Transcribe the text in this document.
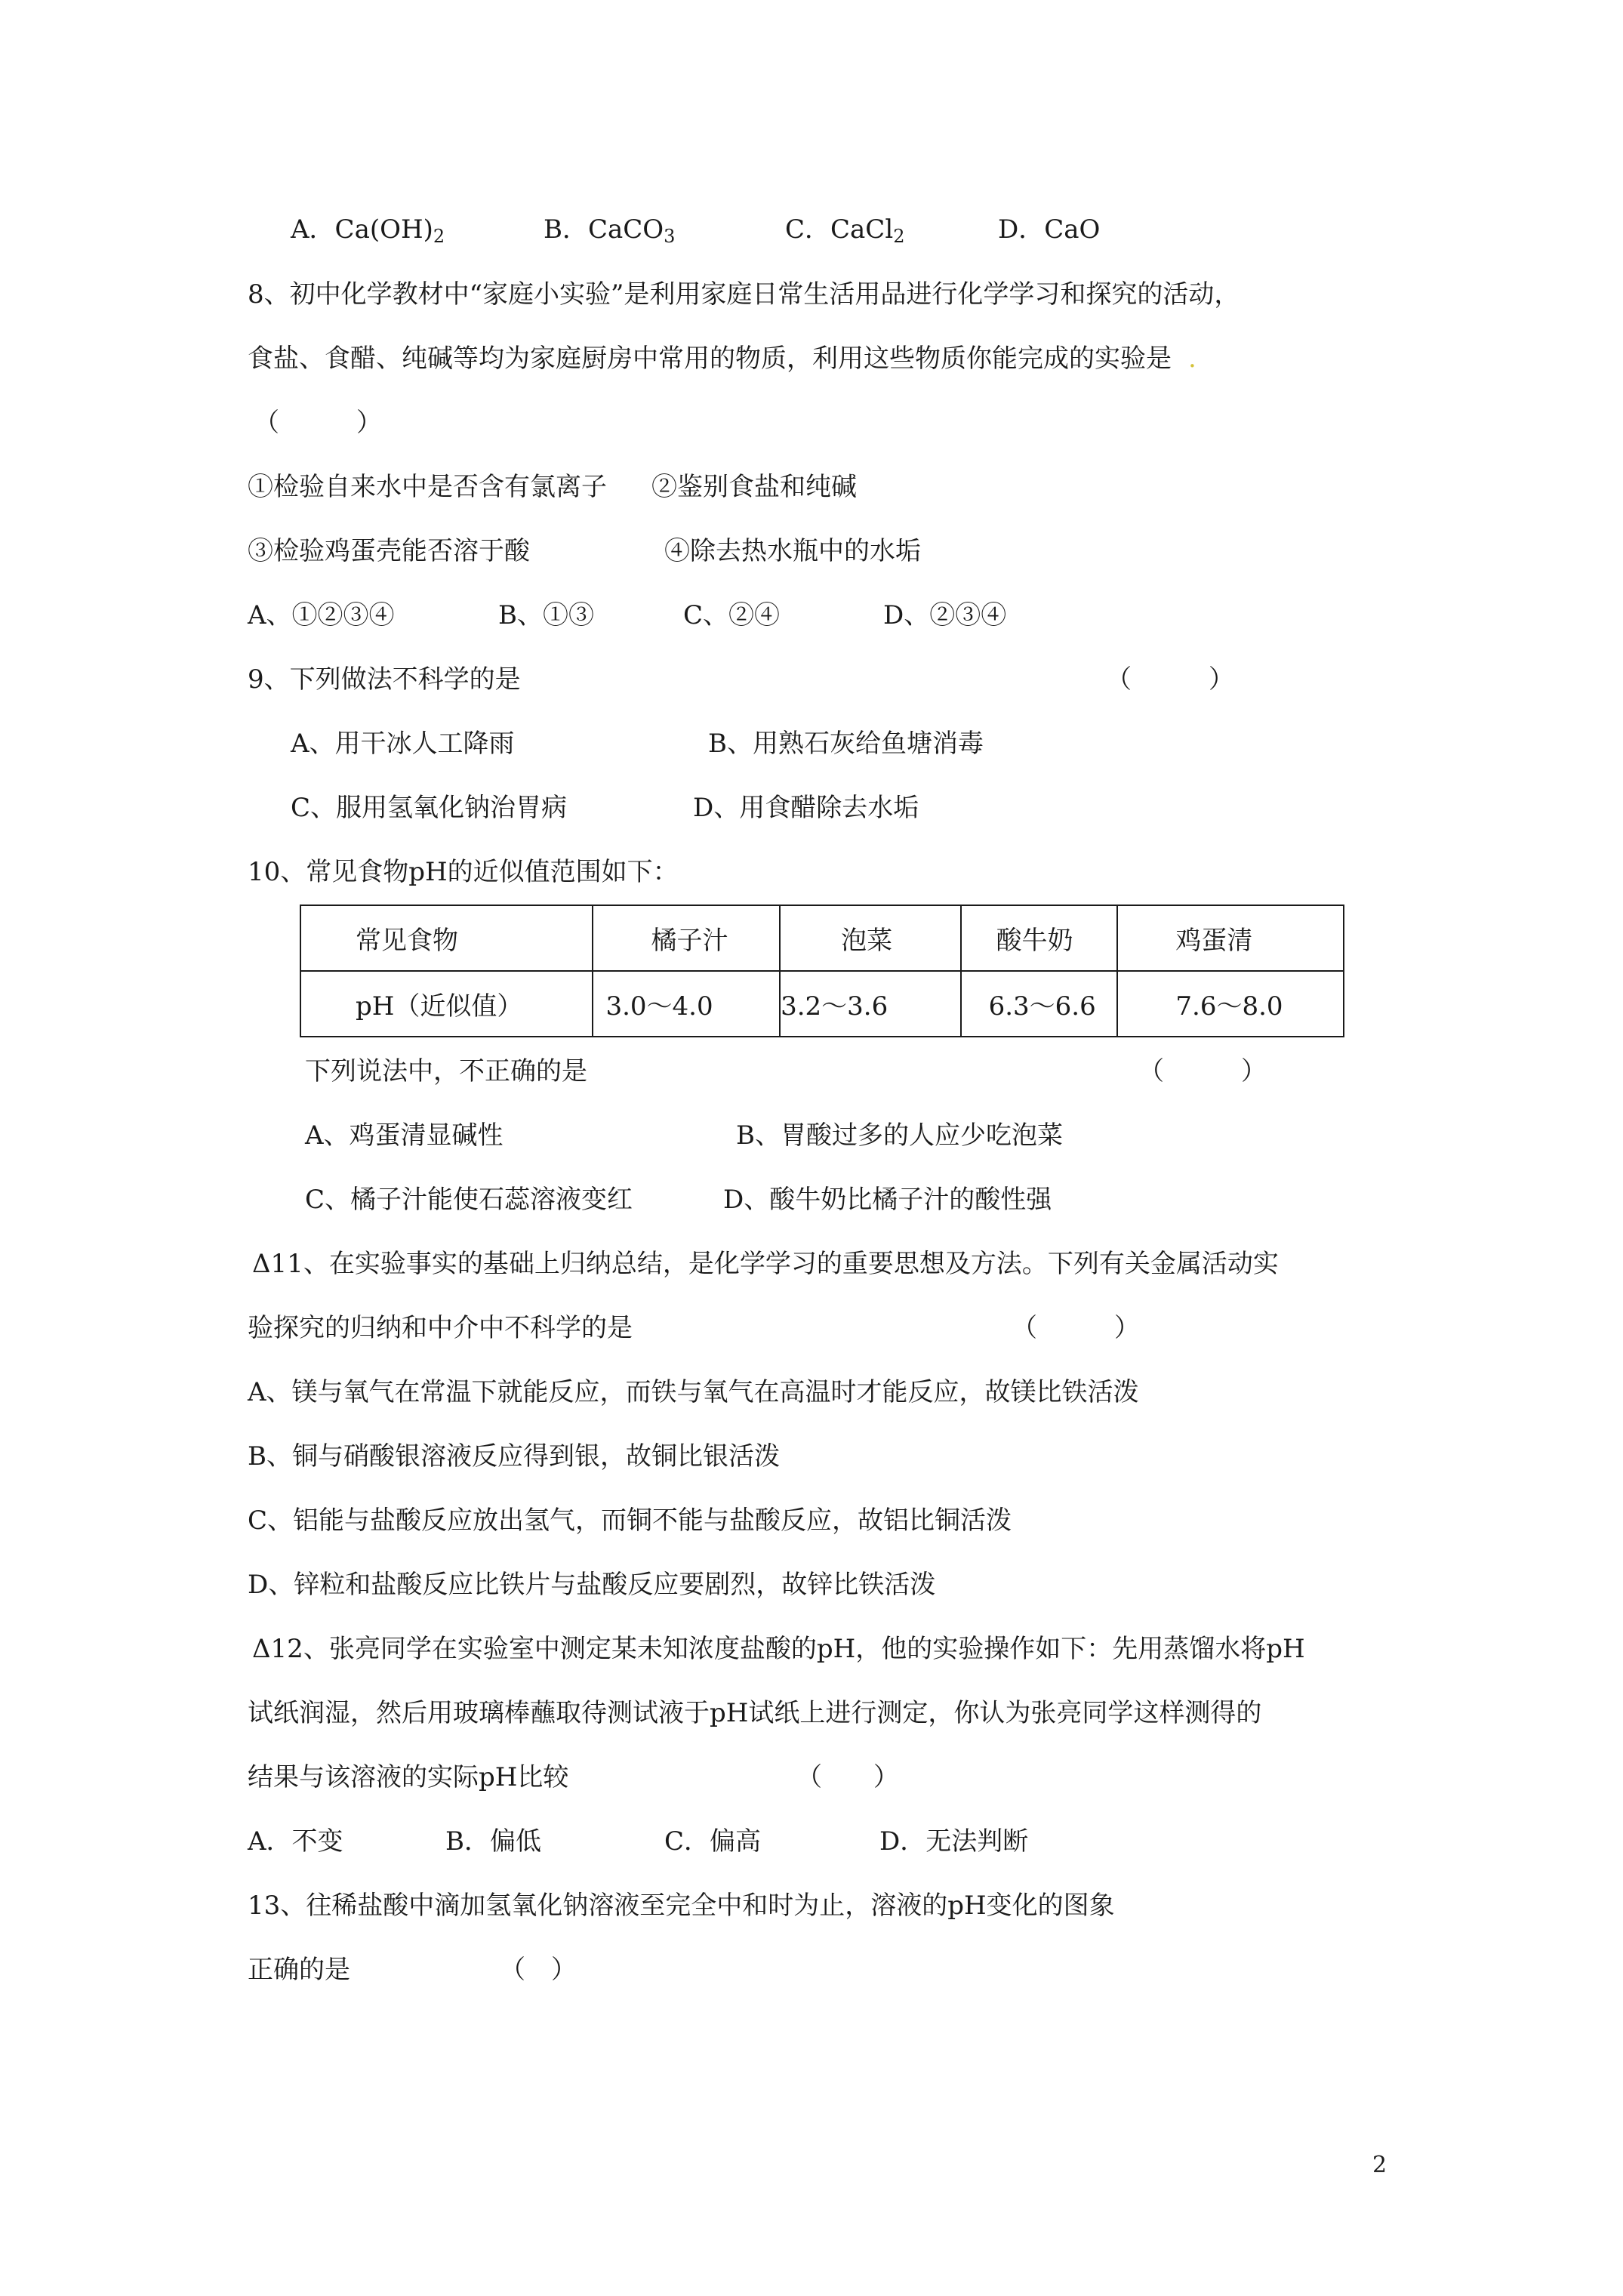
A．$Ca(OH)_2$	B．CaCO$_3$	C．CaCl$_2$	D．CaO
8、初中化学教材中“家庭小实验”是利用家庭日常生活用品进行化学学习和探究的活动，
食盐、食醋、纯碱等均为家庭厨房中常用的物质，利用这些物质你能完成的实验是 .
（　　　）
①检验自来水中是否含有氯离子 ②鉴别食盐和纯碱
③检验鸡蛋壳能否溶于酸	④除去热水瓶中的水垢
A、①②③④	B、①③	C、②④	D、②③④
9、下列做法不科学的是	（　　　）
A、用干冰人工降雨	B、用熟石灰给鱼塘消毒
C、服用氢氧化钠治胃病	D、用食醋除去水垢
10、常见食物pH的近似值范围如下：
常见食物	橘子汁	泡菜	酸牛奶	鸡蛋清
pH（近似值）	3.0～4.0	3.2～3.6	6.3～6.6	7.6～8.0
下列说法中，不正确的是	（　　　）
A、鸡蛋清显碱性	B、胃酸过多的人应少吃泡菜
C、橘子汁能使石蕊溶液变红	D、酸牛奶比橘子汁的酸性强
Δ11、在实验事实的基础上归纳总结，是化学学习的重要思想及方法。下列有关金属活动实
验探究的归纳和中介中不科学的是	（　　　）
A、镁与氧气在常温下就能反应，而铁与氧气在高温时才能反应，故镁比铁活泼
B、铜与硝酸银溶液反应得到银，故铜比银活泼
C、铝能与盐酸反应放出氢气，而铜不能与盐酸反应，故铝比铜活泼
D、锌粒和盐酸反应比铁片与盐酸反应要剧烈，故锌比铁活泼
Δ12、张亮同学在实验室中测定某未知浓度盐酸的pH，他的实验操作如下：先用蒸馏水将pH
试纸润湿，然后用玻璃棒蘸取待测试液于pH试纸上进行测定，你认为张亮同学这样测得的
结果与该溶液的实际pH比较	（　　）
A．不变	B．偏低	C．偏高	D．无法判断
13、往稀盐酸中滴加氢氧化钠溶液至完全中和时为止，溶液的pH变化的图象
正确的是	（　）
2
